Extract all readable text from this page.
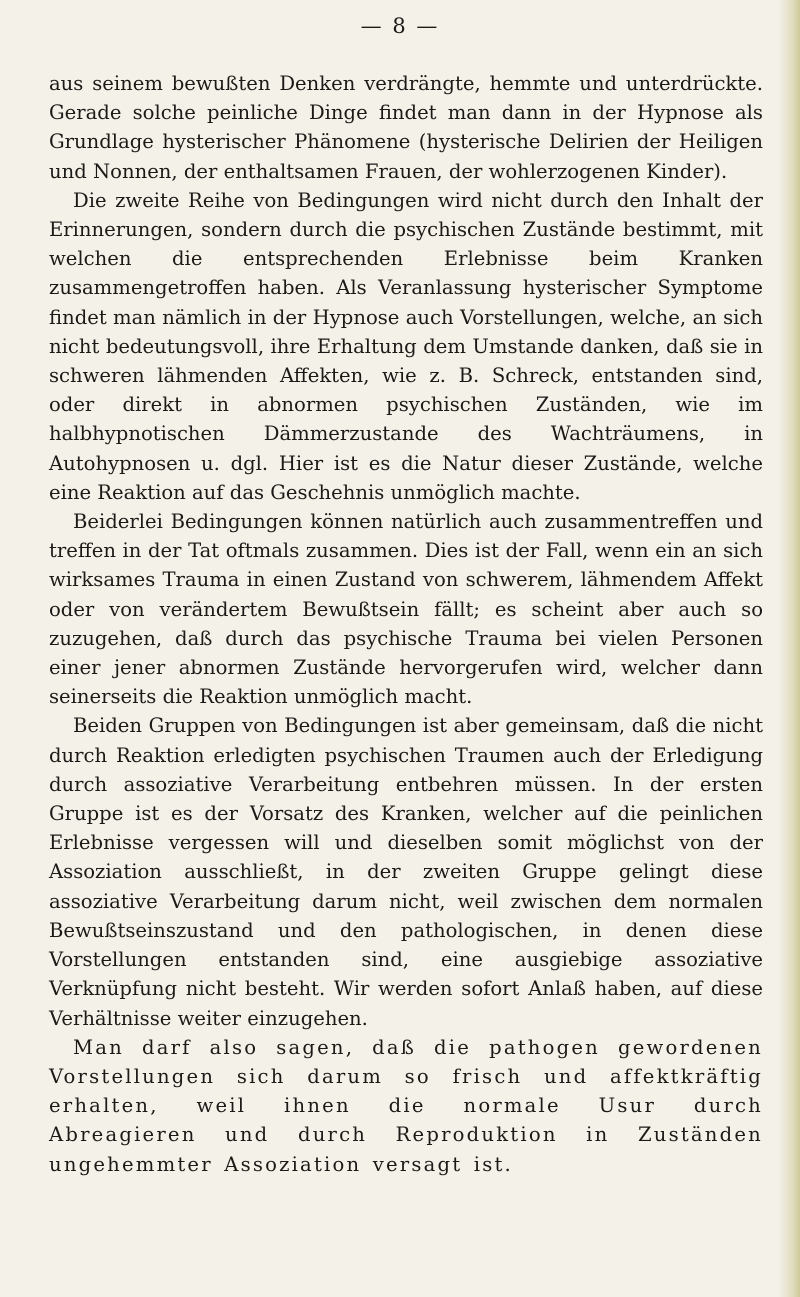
— 8 —

aus seinem bewußten Denken verdrängte, hemmte und unterdrückte. Gerade solche peinliche Dinge findet man dann in der Hypnose als Grundlage hysterischer Phänomene (hysterische Delirien der Heiligen und Nonnen, der enthaltsamen Frauen, der wohlerzogenen Kinder).

Die zweite Reihe von Bedingungen wird nicht durch den Inhalt der Erinnerungen, sondern durch die psychischen Zustände bestimmt, mit welchen die entsprechenden Erlebnisse beim Kranken zusammengetroffen haben. Als Veranlassung hysterischer Symptome findet man nämlich in der Hypnose auch Vorstellungen, welche, an sich nicht bedeutungsvoll, ihre Erhaltung dem Umstande danken, daß sie in schweren lähmenden Affekten, wie z. B. Schreck, entstanden sind, oder direkt in abnormen psychischen Zuständen, wie im halbhypnotischen Dämmerzustande des Wachträumens, in Autohypnosen u. dgl. Hier ist es die Natur dieser Zustände, welche eine Reaktion auf das Geschehnis unmöglich machte.

Beiderlei Bedingungen können natürlich auch zusammentreffen und treffen in der Tat oftmals zusammen. Dies ist der Fall, wenn ein an sich wirksames Trauma in einen Zustand von schwerem, lähmendem Affekt oder von verändertem Bewußtsein fällt; es scheint aber auch so zuzugehen, daß durch das psychische Trauma bei vielen Personen einer jener abnormen Zustände hervorgerufen wird, welcher dann seinerseits die Reaktion unmöglich macht.

Beiden Gruppen von Bedingungen ist aber gemeinsam, daß die nicht durch Reaktion erledigten psychischen Traumen auch der Erledigung durch assoziative Verarbeitung entbehren müssen. In der ersten Gruppe ist es der Vorsatz des Kranken, welcher auf die peinlichen Erlebnisse vergessen will und dieselben somit möglichst von der Assoziation ausschließt, in der zweiten Gruppe gelingt diese assoziative Verarbeitung darum nicht, weil zwischen dem normalen Bewußtseinszustand und den pathologischen, in denen diese Vorstellungen entstanden sind, eine ausgiebige assoziative Verknüpfung nicht besteht. Wir werden sofort Anlaß haben, auf diese Verhältnisse weiter einzugehen.

Man darf also sagen, daß die pathogen gewordenen Vorstellungen sich darum so frisch und affektkräftig erhalten, weil ihnen die normale Usur durch Abreagieren und durch Reproduktion in Zuständen ungehemmter Assoziation versagt ist.
